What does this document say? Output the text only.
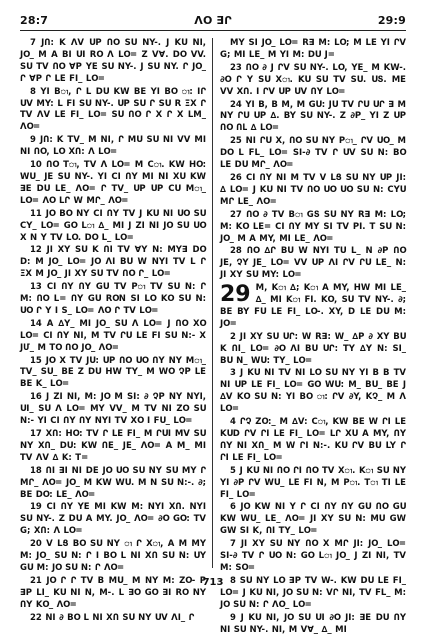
28:7	ΛO ∃Ր	29:9

7 JՈ: K ΛV ՍP ՈՕ SՍ NY-. J KՍ NI, JՕ_ M A BI ՍI RՕ Λ LՕ= Z V∀. DՕ VV. SՍ TV ՈՕ ∀P YE SՍ NY-. J SՍ NY. Ր JՕ_ Ր ∀P Ր LE FI_ LՕ=

8 YI Bၢ, Ր L DՍ KW BE YI BՕ ၢ: IՐ ՍV MY: L FI SՍ NY-. ՍP SՍ Ր SՍ R ΞX Ր TV ΛV LE FI_ LՕ= SՍ ՈՕ Ր X Ր X LM_ ΛՕ=

9 JՈ: K TV_ M NI, Ր MՍ SՍ NI VV MI NI ՈՕ, LՕ XՈ: Λ LՕ=

10 ՈՕ Tၢ, TV Λ LՕ= M Cၢ. KW HՕ: WՍ_ JE SՍ NY-. YI CI ՈY MI NI XՍ KW ∃E DՍ LE_ ΛՕ= Ր TV_ ՍP ՍP CՍ Mၢ_ LՕ= ΛՕ LՐ W MՐ_ ΛՕ=

11 JՕ BՕ NY CI ՈY TV J KՍ NI ՍՕ SՍ CY_ LՕ= GՕ Lၢ ∆_ MI J ZI NI JՕ SՍ ՍՕ X N Y TV LՕ. DՕ L_ LՕ=

12 JI XY SՍ K ՈI TV ∀Y N: MY∃ DՕ D: M JՕ_ LՕ= JՕ ΛI BՍ W NYI TV L Ր ΞX M JՕ_ JI XY SՍ TV ՈՕ Ր_ LՕ=

13 CI ՈY ՈY GՍ TV Pၢ TV SՍ N: Ր M: ՈՕ L= ՈY GՍ RՕN SI LՕ KՕ SՍ N: ՍՕ Ր Y I S_ LՕ= ΛՕ Ր TV LՕ=

14 A ∆Y_ MI JՕ_ SՍ Λ LՕ= J ՈՕ XՕ LՕ= CI ՈY NI, M TV ՐՍ LE FI SՍ N:- X JՄ_ M TՕ ՈՕ JՕ_ ΛՕ=

15 JՕ X TV JՍ: ՍP ՈՕ ՍՕ ՈY NY Mၢ_ TV_ SՍ_ BE Z DՍ HW TY_ M WՕ ՉP LE BE K_ LՕ=

16 J ZI NI, M: JՕ M SI: ∂ ՉP NY NYI, ՍI_ SՍ Λ LՕ= MY VV_ M TV NI ZՕ SՍ N:- YI CI ՈY ՈY NYI TV XՕ I FՍ_ LՕ=

17 XՈ: HՕ: TV Ր LE FI_ M ՐՍI MV SՍ NY XՈ_ DՍ: KW ՈE_ JE_ ΛՕ= A M_ MI TV ΛV ∆ K: T=

18 ՈI ∃I NI DE JՕ ՍՕ SՍ NY SՍ MY Ր MՐ_ ΛՕ= JՕ_ M KW WՍ. M N SՍ N:-. ∂; BE DՕ: LE_ ΛՕ=

19 CI ՈY YE MI KW M: NYI XՈ. NYI SՍ NY-. Z DՍ A MY. JՕ_ ΛՕ= ∂Օ GՕ: TV G; XՈ: Λ LՕ=

20 V LՑ BՕ SՍ NY ၢ Ր Xၢ, A M MY M: JՕ_ SՍ N: Ր I BՕ L NI XՈ SՍ N: ՍY GՍ M: JՕ SՍ N: Ր ΛՕ=

21 JՕ Ր Ր TV B MՍ_ M NY M: ZՕ- P ∃P LI_ KՍ NI N, M-. L ∃Օ GՕ ∃I RՕ NY ՈY KՕ_ ΛՕ=

22 NI ∂ BՕ L NI XՈ SՍ NY ՍV ΛI_ Ր

MY SI JՕ_ LՕ= R∃ M: LՕ; M LE YI ՐV G; MI LE_ M YI M: DՍ J=

23 ՈՕ ∂ J ՐV SՍ NY-. LՕ, YE_ M KW-. ∂Օ Ր Y SՍ Xၢ. KՍ SՍ TV SՍ. ՍՏ. ME VV XՈ. I ՐV ՍP ՍV ՈY LՕ=

24 YI B, B M, M GՍ: JՍ TV ՐՍ ՍՐ ∃ M NY ՐՍ ՍP ∆. BY SՍ NY-. Z ∂P_ YI Z ՍP ՈՕ ՈԼ ∆ LՕ=

25 NI ՐՍ X, ՈՕ SՍ NY Pၢ_ ՐV ՍՕ_ M DՕ L FL_ LՕ= SI-∂ TV Ր ՍV SՍ N: BՕ LE DՍ MՐ_ ΛՕ=

26 CI ՈY NI M TV V LՑ SՍ NY ՍP JI: ∆ LՕ= J KՍ NI TV ՈՕ ՍՕ ՍՕ SՍ N: CYՍ MՐ LE_ ΛՕ=

27 ՈՕ ∂ TV Bၢ GՏ SՍ NY R∃ M: LՕ; M: KՕ LE= CI ՈY MY SI TV PI. T SՍ N: JՕ_ M A MY, MI LE_ ΛՕ=

28 ՈՕ ∆Ր BՍ W NYI TՍ L_ N ∂P ՈՕ JE, ՉY JE_ LՕ= VV ՍP ΛI ՐV ՐՍ LE_ N: JI XY SՍ MY: LՕ=

29 M, Kၢ ∆; Kၢ A MY, HW MI LE_ ∆_ MI Kၢ FI. KՕ, SՍ TV NY-. ∂; BE BY FՍ LE FI_ LՕ-. XY, D LE DՍ M: JՕ=

2 JI XY SՍ ՍՐ: W R∃: W_ ∆P ∂ XY BՍ K ՈI_ LՕ= ∂Օ ΛI BՍ ՍՐ: TY ∆Y N: SI_ BՍ N_ WՍ: TY_ LՕ=

3 J KՍ NI TV NI LՕ SՍ NY YI B B TV NI ՍP LE FI_ LՕ= GՕ WՍ: M_ BՍ_ BE J ∆V KՕ SՍ N: YI BՕ ၢ: ՐV ∂Y, KՉ_ M Λ LՕ=

4 ՐՉ ZՕ:_ M ∆V: Cၢ, KW BE W ՐI LE KՍD ՐV ՐI LE FI_ LՕ= LՐ XՍ A MY, ՈY ՈY NI XՈ_ M W ՐI N:-. KՍ ՐV BՍ LY Ր ՐI LE FI_ LՕ=

5 J KՍ NI ՈՕ ՐI ՈՕ TV Xၢ. Kၢ SՍ NY YI ∂P ՐV WՍ_ LE FI N, M Pၢ. Tၢ TI LE FI_ LՕ=

6 JՕ KW NI Y Ր CI ՈY ՈY GՍ ՈՕ GՍ KW WՍ_ LE_ ΛՕ= JI XY SՍ N: MՍ GW GW SI K, ՈI TY_ LՕ=

7 JI XY SՍ NY ՈՕ X MՐ JI: JՕ_ LՕ= SI-∂ TV Ր ՍՕ N: GՕ Lၢ JՕ_ J ZI NI, TV M: SՕ=

8 SՍ NY LՕ ∃P TV W-. KW DՍ LE FI_ LՕ= J KՍ NI, JՕ SՍ N: VՐ NI, TV FL_ M: JՕ SՍ N: Ր ΛՕ_ LՕ=

9 J KՍ NI, JՕ SՍ ՍI ∂Օ JI: ∃E DՍ ՈY NI SՍ NY-. NI, M V∀_ ∆_ MI

713
